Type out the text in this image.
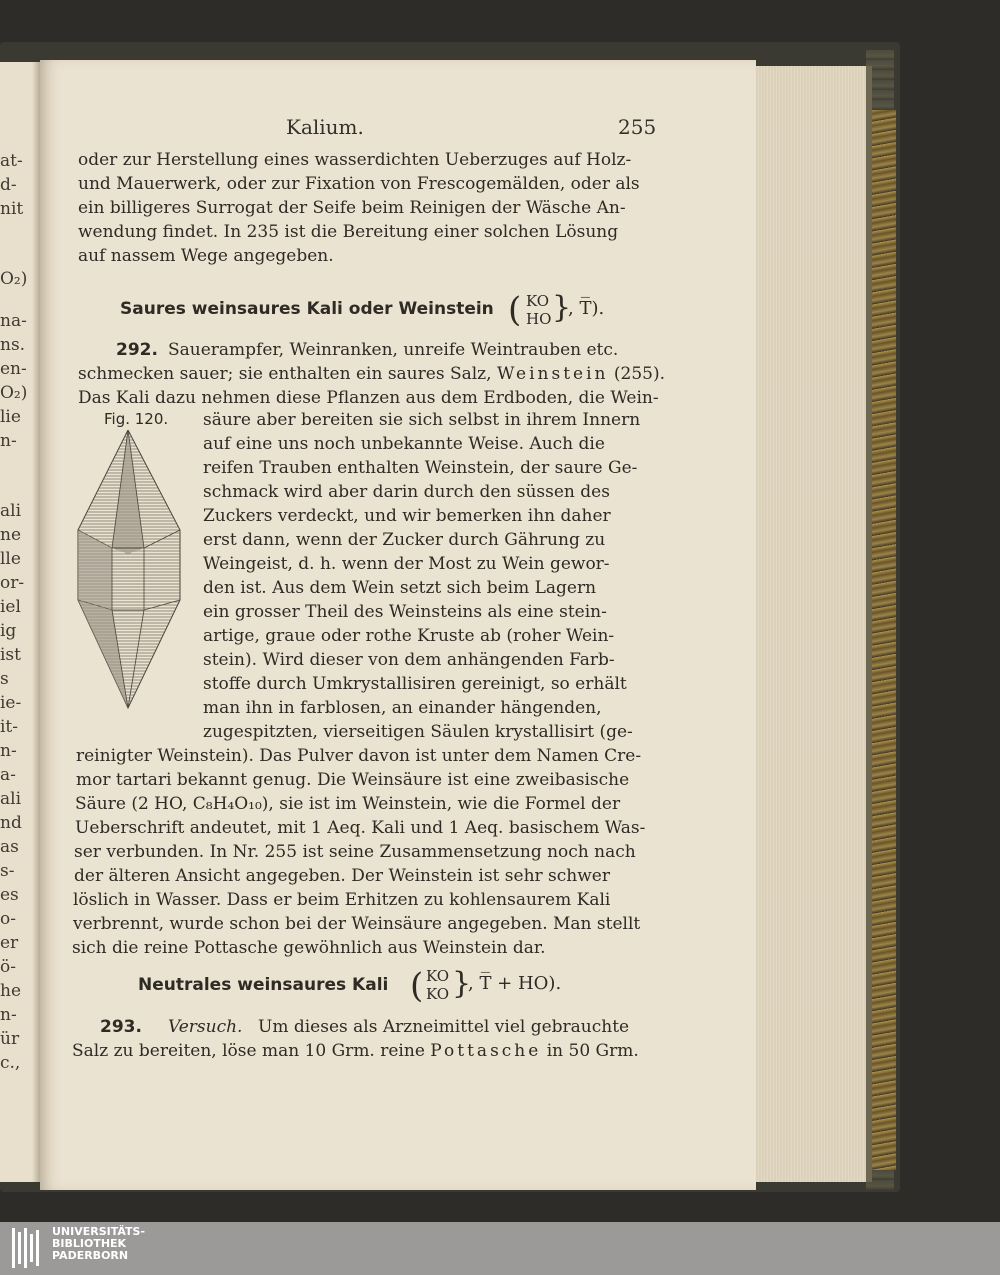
at-
d-
nit
O₂)
na-
ns.
en-
O₂)
lie
n-
ali
ne
lle
or-
iel
ig
ist
s
ie-
it-
n-
a-
ali
nd
as
s-
es
o-
er
ö-
he
n-
ür
c.,
Kalium.	255
oder zur Herstellung eines wasserdichten Ueberzuges auf Holz-
und Mauerwerk, oder zur Fixation von Frescogemälden, oder als
ein billigeres Surrogat der Seife beim Reinigen der Wäsche An-
wendung findet. In 235 ist die Bereitung einer solchen Lösung
auf nassem Wege angegeben.
Saures weinsaures Kali oder Weinstein ( KO
HO }
, T̅).
292. Sauerampfer, Weinranken, unreife Weintrauben etc.
schmecken sauer; sie enthalten ein saures Salz, Weinstein (255).
Das Kali dazu nehmen diese Pflanzen aus dem Erdboden, die Wein-
Fig. 120. säure aber bereiten sie sich selbst in ihrem Innern
auf eine uns noch unbekannte Weise. Auch die
reifen Trauben enthalten Weinstein, der saure Ge-
schmack wird aber darin durch den süssen des
Zuckers verdeckt, und wir bemerken ihn daher
erst dann, wenn der Zucker durch Gährung zu
Weingeist, d. h. wenn der Most zu Wein gewor-
den ist. Aus dem Wein setzt sich beim Lagern
ein grosser Theil des Weinsteins als eine stein-
artige, graue oder rothe Kruste ab (roher Wein-
stein). Wird dieser von dem anhängenden Farb-
stoffe durch Umkrystallisiren gereinigt, so erhält
man ihn in farblosen, an einander hängenden,
zugespitzten, vierseitigen Säulen krystallisirt (ge-
reinigter Weinstein). Das Pulver davon ist unter dem Namen Cre-
mor tartari bekannt genug. Die Weinsäure ist eine zweibasische
Säure (2 HO, C₈H₄O₁₀), sie ist im Weinstein, wie die Formel der
Ueberschrift andeutet, mit 1 Aeq. Kali und 1 Aeq. basischem Was-
ser verbunden. In Nr. 255 ist seine Zusammensetzung noch nach
der älteren Ansicht angegeben. Der Weinstein ist sehr schwer
löslich in Wasser. Dass er beim Erhitzen zu kohlensaurem Kali
verbrennt, wurde schon bei der Weinsäure angegeben. Man stellt
sich die reine Pottasche gewöhnlich aus Weinstein dar.
Neutrales weinsaures Kali ( KO
KO }
, T̅ + HO).
293. Versuch. Um dieses als Arzneimittel viel gebrauchte
Salz zu bereiten, löse man 10 Grm. reine Pottasche in 50 Grm.
UNIVERSITÄTS-
BIBLIOTHEK
PADERBORN
